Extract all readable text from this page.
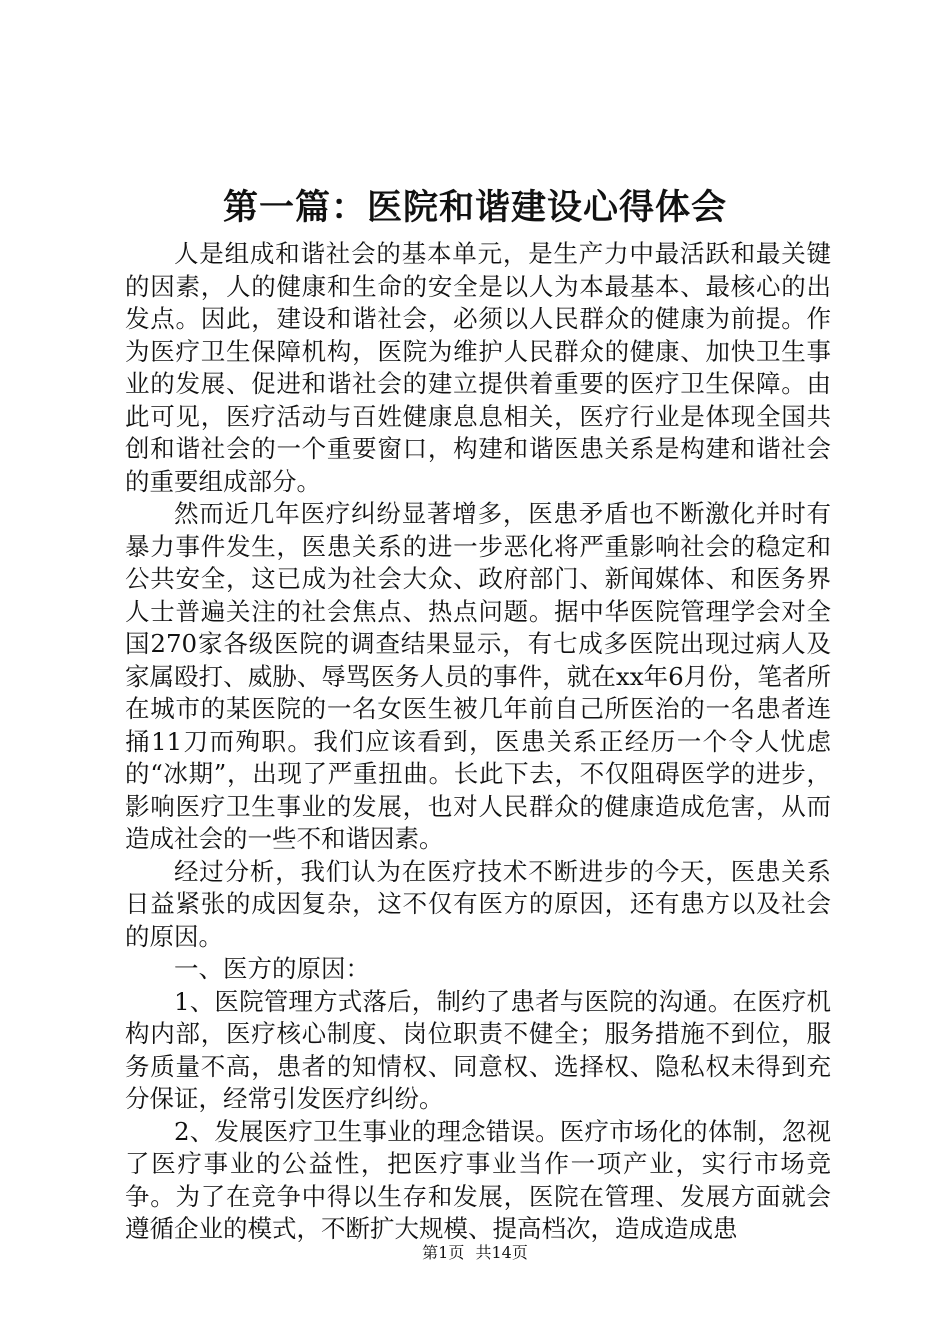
第一篇：医院和谐建设心得体会

人是组成和谐社会的基本单元，是生产力中最活跃和最关键的因素，人的健康和生命的安全是以人为本最基本、最核心的出发点。因此，建设和谐社会，必须以人民群众的健康为前提。作为医疗卫生保障机构，医院为维护人民群众的健康、加快卫生事业的发展、促进和谐社会的建立提供着重要的医疗卫生保障。由此可见，医疗活动与百姓健康息息相关，医疗行业是体现全国共创和谐社会的一个重要窗口，构建和谐医患关系是构建和谐社会的重要组成部分。

然而近几年医疗纠纷显著增多，医患矛盾也不断激化并时有暴力事件发生，医患关系的进一步恶化将严重影响社会的稳定和公共安全，这已成为社会大众、政府部门、新闻媒体、和医务界人士普遍关注的社会焦点、热点问题。据中华医院管理学会对全国270家各级医院的调查结果显示，有七成多医院出现过病人及家属殴打、威胁、辱骂医务人员的事件，就在xx年6月份，笔者所在城市的某医院的一名女医生被几年前自己所医治的一名患者连捅11刀而殉职。我们应该看到，医患关系正经历一个令人忧虑的“冰期”，出现了严重扭曲。长此下去，不仅阻碍医学的进步，影响医疗卫生事业的发展，也对人民群众的健康造成危害，从而造成社会的一些不和谐因素。

经过分析，我们认为在医疗技术不断进步的今天，医患关系日益紧张的成因复杂，这不仅有医方的原因，还有患方以及社会的原因。

一、医方的原因：

1、医院管理方式落后，制约了患者与医院的沟通。在医疗机构内部，医疗核心制度、岗位职责不健全；服务措施不到位，服务质量不高，患者的知情权、同意权、选择权、隐私权未得到充分保证，经常引发医疗纠纷。

2、发展医疗卫生事业的理念错误。医疗市场化的体制，忽视了医疗事业的公益性，把医疗事业当作一项产业，实行市场竞争。为了在竞争中得以生存和发展，医院在管理、发展方面就会遵循企业的模式，不断扩大规模、提高档次，造成造成患

第1页 共14页
